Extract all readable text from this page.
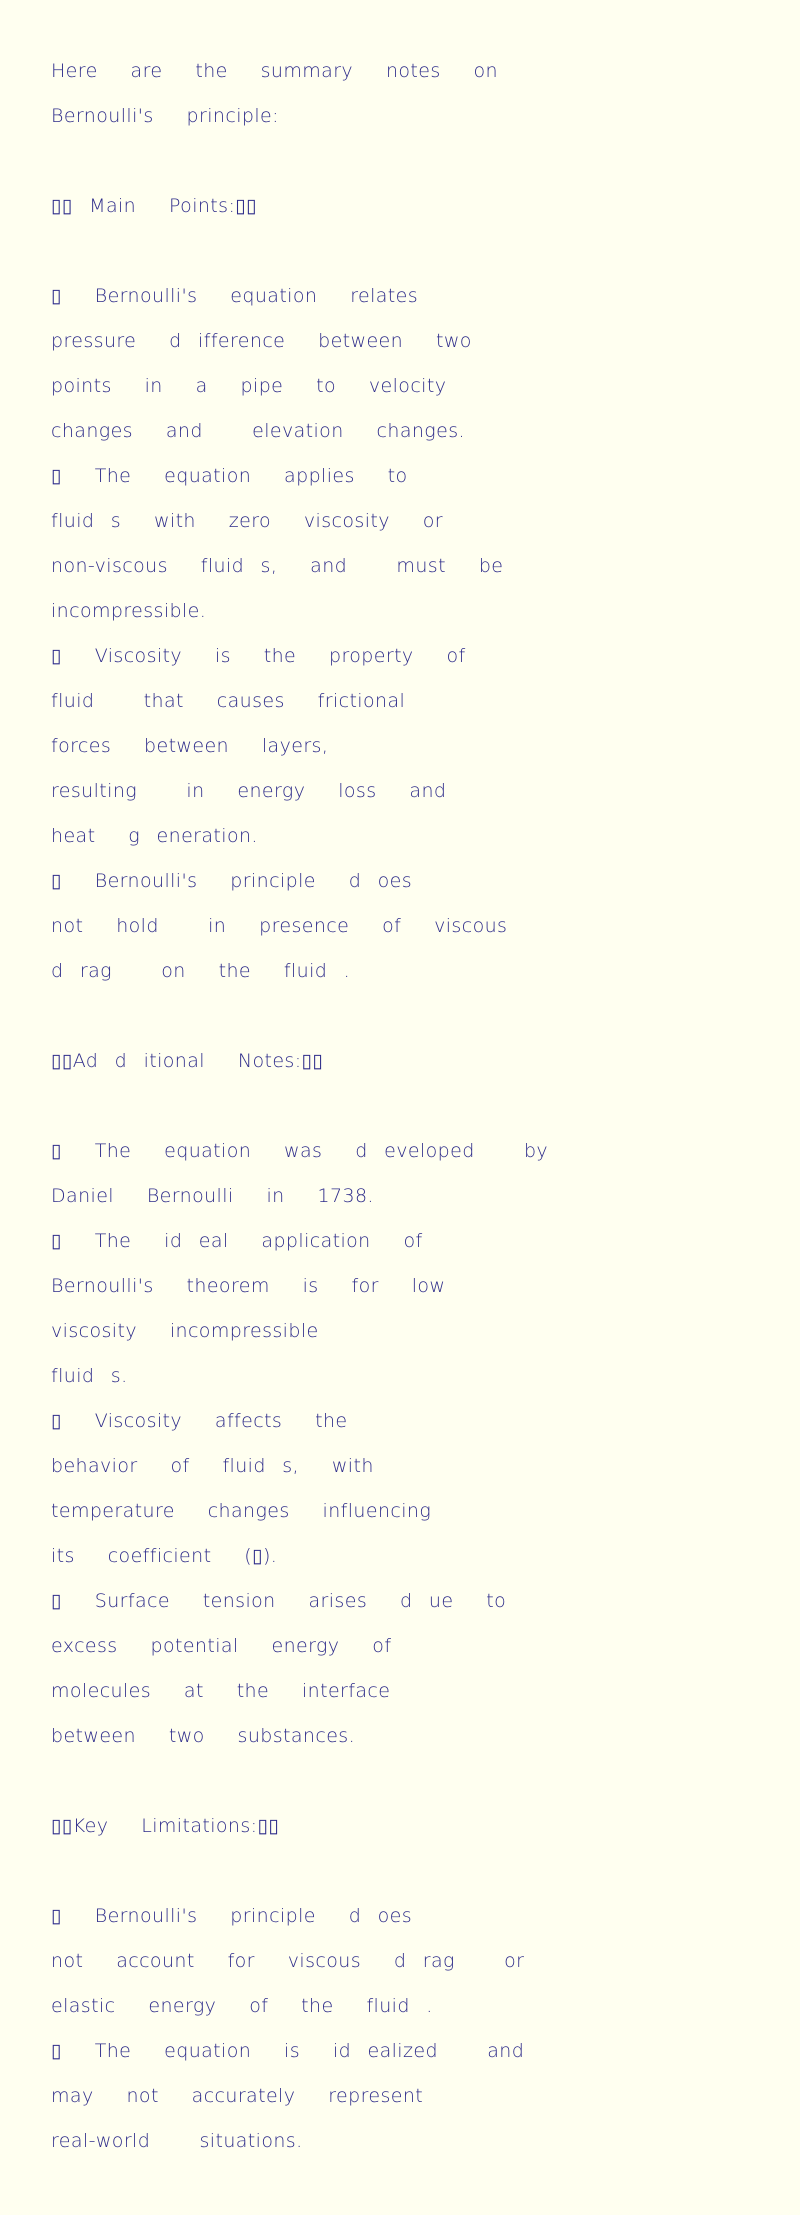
Here  are  the  summary  notes  on
Bernoulli's  principle:
▯▯ Main  Points:▯▯
▯  Bernoulli's  equation  relates
pressure  d ifference  between  two
points  in  a  pipe  to  velocity
changes  and   elevation  changes.
▯  The  equation  applies  to
fluid s  with  zero  viscosity  or
non-viscous  fluid s,  and   must  be
incompressible.
▯  Viscosity  is  the  property  of
fluid   that  causes  frictional
forces  between  layers,
resulting   in  energy  loss  and
heat  g eneration.
▯  Bernoulli's  principle  d oes
not  hold   in  presence  of  viscous
d rag   on  the  fluid .
▯▯Ad d itional  Notes:▯▯
▯  The  equation  was  d eveloped   by
Daniel  Bernoulli  in  1738.
▯  The  id eal  application  of
Bernoulli's  theorem  is  for  low
viscosity  incompressible
fluid s.
▯  Viscosity  affects  the
behavior  of  fluid s,  with
temperature  changes  influencing
its  coefficient  (▯).
▯  Surface  tension  arises  d ue  to
excess  potential  energy  of
molecules  at  the  interface
between  two  substances.
▯▯Key  Limitations:▯▯
▯  Bernoulli's  principle  d oes
not  account  for  viscous  d rag   or
elastic  energy  of  the  fluid .
▯  The  equation  is  id ealized   and
may  not  accurately  represent
real-world   situations.
